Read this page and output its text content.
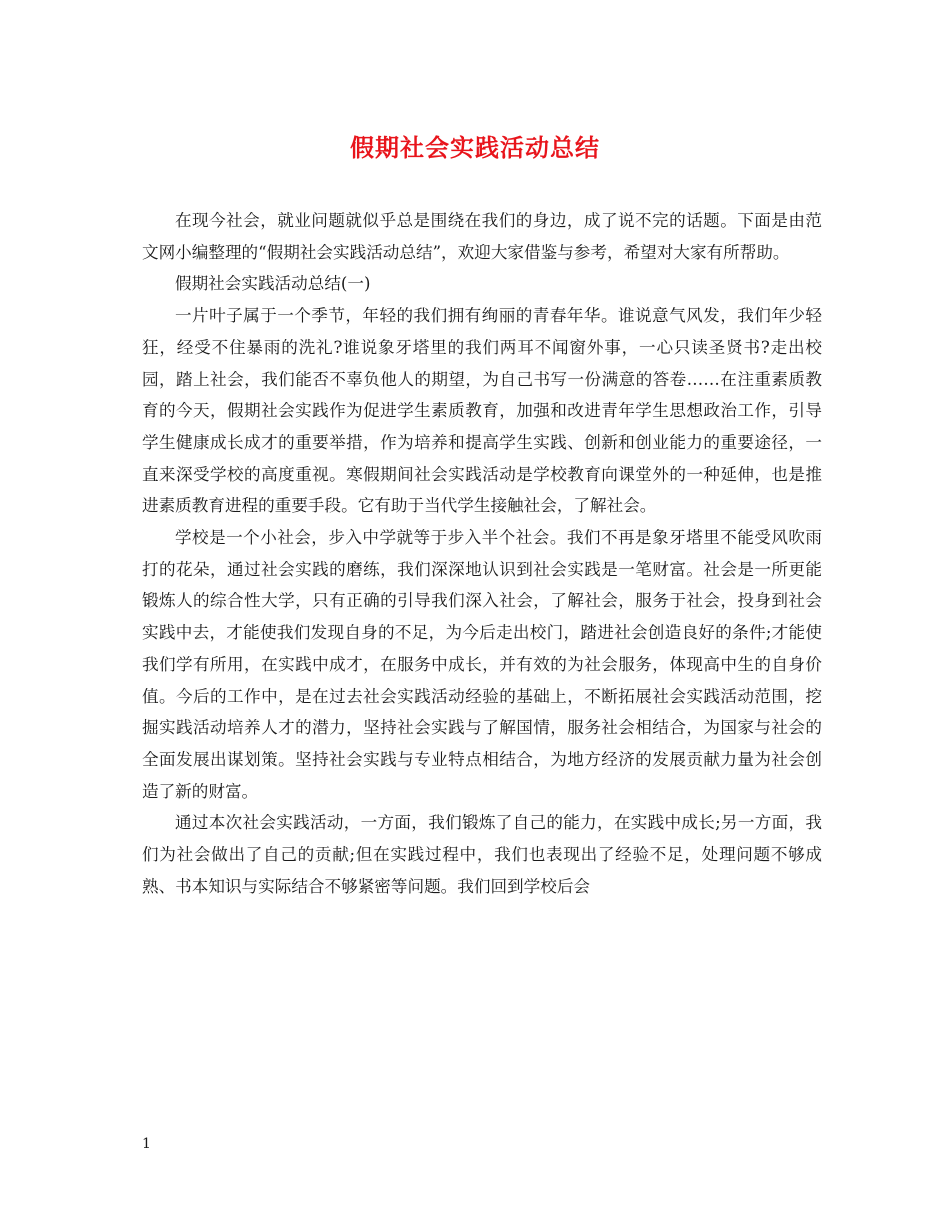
假期社会实践活动总结

在现今社会，就业问题就似乎总是围绕在我们的身边，成了说不完的话题。下面是由范文网小编整理的“假期社会实践活动总结”，欢迎大家借鉴与参考，希望对大家有所帮助。

假期社会实践活动总结(一)

一片叶子属于一个季节，年轻的我们拥有绚丽的青春年华。谁说意气风发，我们年少轻狂，经受不住暴雨的洗礼?谁说象牙塔里的我们两耳不闻窗外事，一心只读圣贤书?走出校园，踏上社会，我们能否不辜负他人的期望，为自己书写一份满意的答卷……在注重素质教育的今天，假期社会实践作为促进学生素质教育，加强和改进青年学生思想政治工作，引导学生健康成长成才的重要举措，作为培养和提高学生实践、创新和创业能力的重要途径，一直来深受学校的高度重视。寒假期间社会实践活动是学校教育向课堂外的一种延伸，也是推进素质教育进程的重要手段。它有助于当代学生接触社会，了解社会。

学校是一个小社会，步入中学就等于步入半个社会。我们不再是象牙塔里不能受风吹雨打的花朵，通过社会实践的磨练，我们深深地认识到社会实践是一笔财富。社会是一所更能锻炼人的综合性大学，只有正确的引导我们深入社会，了解社会，服务于社会，投身到社会实践中去，才能使我们发现自身的不足，为今后走出校门，踏进社会创造良好的条件;才能使我们学有所用，在实践中成才，在服务中成长，并有效的为社会服务，体现高中生的自身价值。今后的工作中，是在过去社会实践活动经验的基础上，不断拓展社会实践活动范围，挖掘实践活动培养人才的潜力，坚持社会实践与了解国情，服务社会相结合，为国家与社会的全面发展出谋划策。坚持社会实践与专业特点相结合，为地方经济的发展贡献力量为社会创造了新的财富。

通过本次社会实践活动，一方面，我们锻炼了自己的能力，在实践中成长;另一方面，我们为社会做出了自己的贡献;但在实践过程中，我们也表现出了经验不足，处理问题不够成熟、书本知识与实际结合不够紧密等问题。我们回到学校后会

1
